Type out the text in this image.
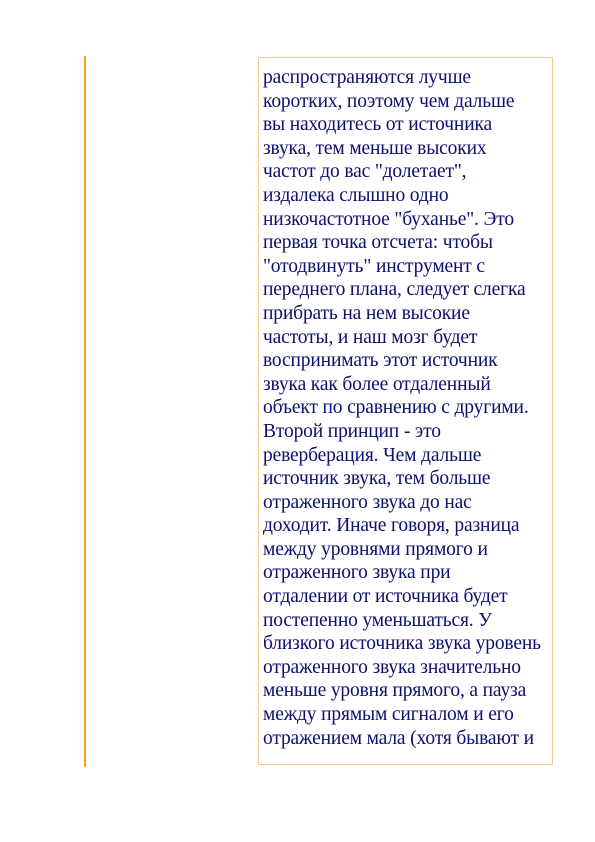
распространяются лучше
коротких, поэтому чем дальше
вы находитесь от источника
звука, тем меньше высоких
частот до вас "долетает",
издалека слышно одно
низкочастотное "буханье". Это
первая точка отсчета: чтобы
"отодвинуть" инструмент с
переднего плана, следует слегка
прибрать на нем высокие
частоты, и наш мозг будет
воспринимать этот источник
звука как более отдаленный
объект по сравнению с другими.
Второй принцип - это
реверберация. Чем дальше
источник звука, тем больше
отраженного звука до нас
доходит. Иначе говоря, разница
между уровнями прямого и
отраженного звука при
отдалении от источника будет
постепенно уменьшаться. У
близкого источника звука уровень
отраженного звука значительно
меньше уровня прямого, а пауза
между прямым сигналом и его
отражением мала (хотя бывают и
